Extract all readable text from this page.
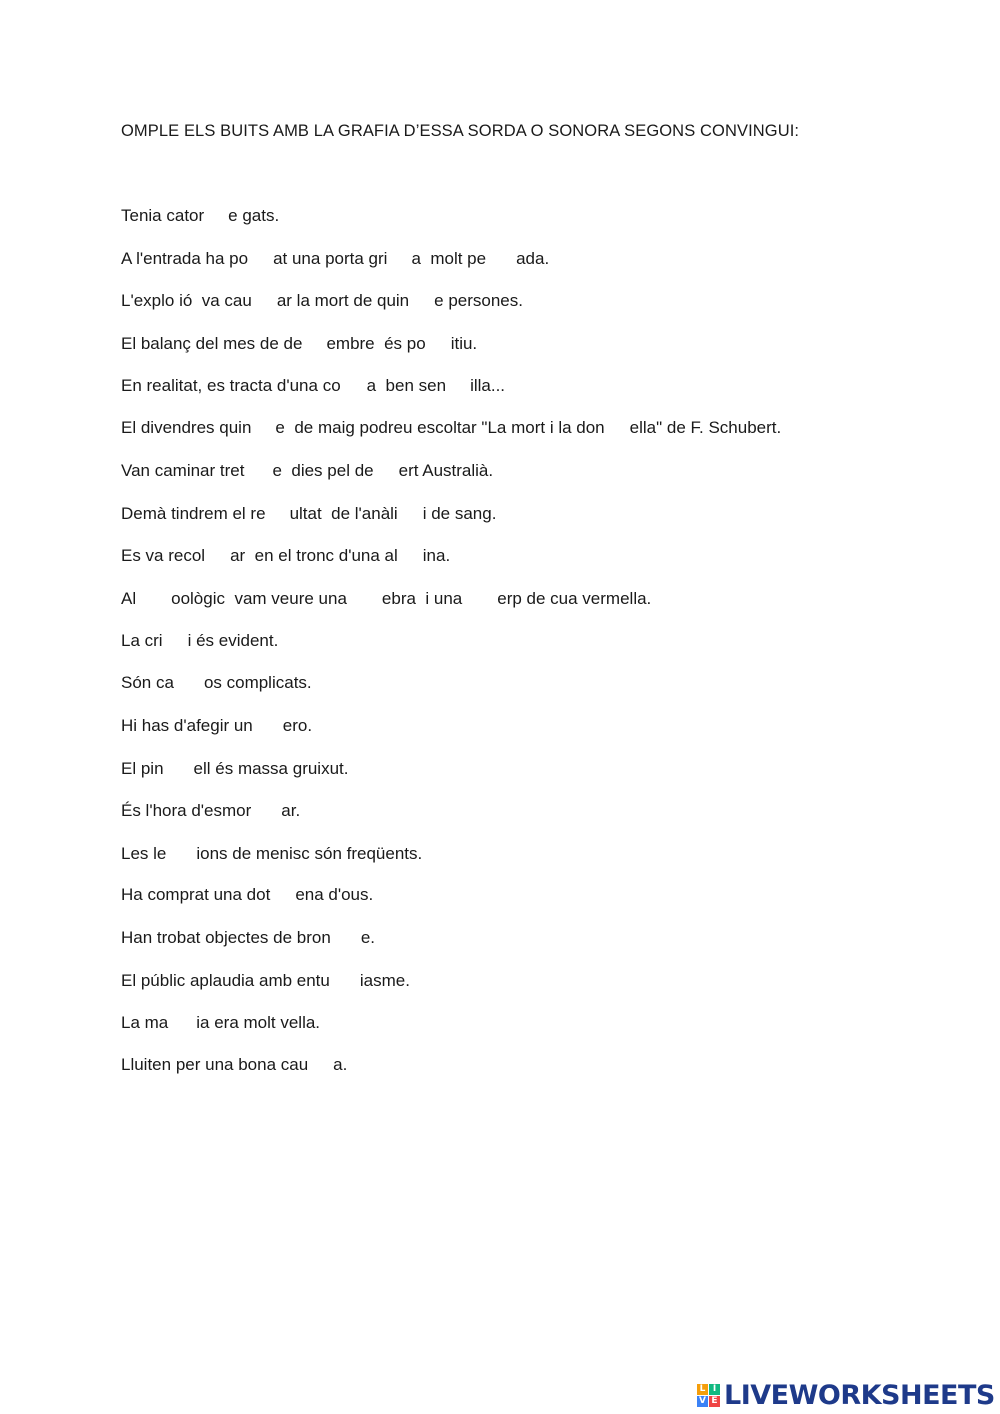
OMPLE ELS BUITS AMB LA GRAFIA D’ESSA SORDA O SONORA SEGONS CONVINGUI:
Tenia cator e gats.
A l'entrada ha po at una porta gri a  molt pe ada.
L'explo ió  va cau ar la mort de quin e persones.
El balanç del mes de de embre  és po itiu.
En realitat, es tracta d'una co a  ben sen illa...
El divendres quin e  de maig podreu escoltar "La mort i la don ella" de F. Schubert.
Van caminar tret e  dies pel de ert Australià.
Demà tindrem el re ultat  de l'anàli i de sang.
Es va recol ar  en el tronc d'una al ina.
Al oològic  vam veure una ebra  i una erp de cua vermella.
La cri i és evident.
Són ca os complicats.
Hi has d'afegir un ero.
El pin ell és massa gruixut.
És l'hora d'esmor ar.
Les le ions de menisc són freqüents.
Ha comprat una dot ena d'ous.
Han trobat objectes de bron e.
El públic aplaudia amb entu iasme.
La ma ia era molt vella.
Lluiten per una bona cau a.
L I
V E LIVEWORKSHEETS
